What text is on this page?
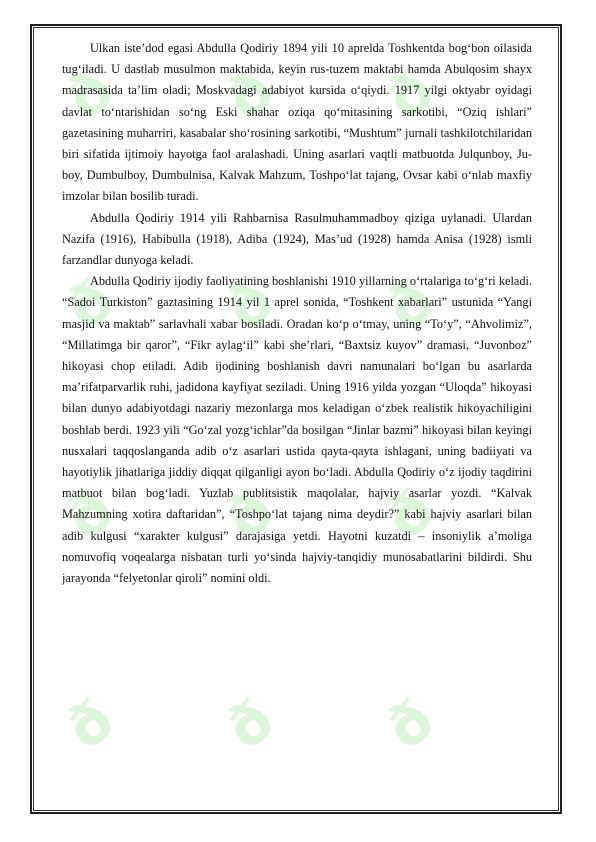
ð ð ð
ð ð ð
ð ð ð
ð ð ð

Ulkan iste’dod egasi Abdulla Qodiriy 1894 yili 10 aprelda Toshkentda bog‘bon oilasida tug‘iladi. U dastlab musulmon maktabida, keyin rus-tuzem maktabi hamda Abulqosim shayx madrasasida ta’lim oladi; Moskvadagi adabiyot kursida o‘qiydi. 1917 yilgi oktyabr oyidagi davlat to‘ntarishidan so‘ng Eski shahar oziqa qo‘mitasining sarkotibi, “Oziq ishlari” gazetasining muharriri, kasabalar sho‘rosining sarkotibi, “Mushtum” jurnali tashkilotchilaridan biri sifatida ijtimoiy hayotga faol aralashadi. Uning asarlari vaqtli matbuotda Julqunboy, Ju-boy, Dumbulboy, Dumbulnisa, Kalvak Mahzum, Toshpo‘lat tajang, Ovsar kabi o‘nlab maxfiy imzolar bilan bosilib turadi.

Abdulla Qodiriy 1914 yili Rahbarnisa Rasulmuhammadboy qiziga uylanadi. Ulardan Nazifa (1916), Habibulla (1918), Adiba (1924), Mas’ud (1928) hamda Anisa (1928) ismli farzandlar dunyoga keladi.

Abdulla Qodiriy ijodiy faoliyatining boshlanishi 1910 yillarning o‘rtalariga to‘g‘ri keladi. “Sadoi Turkiston” gaztasining 1914 yil 1 aprel sonida, “Toshkent xabarlari” ustunida “Yangi masjid va maktab” sarlavhali xabar bosiladi. Oradan ko‘p o‘tmay, uning “To‘y”, “Ahvolimiz”, “Millatimga bir qaror”, “Fikr aylag‘il” kabi she’rlari, “Baxtsiz kuyov” dramasi, “Juvonboz” hikoyasi chop etiladi. Adib ijodining boshlanish davri namunalari bo‘lgan bu asarlarda ma’rifatparvarlik ruhi, jadidona kayfiyat seziladi. Uning 1916 yilda yozgan “Uloqda” hikoyasi bilan dunyo adabiyotdagi nazariy mezonlarga mos keladigan o‘zbek realistik hikoyachiligini boshlab berdi. 1923 yili “Go‘zal yozg‘ichlar”da bosilgan “Jinlar bazmi” hikoyasi bilan keyingi nusxalari taqqoslanganda adib o‘z asarlari ustida qayta-qayta ishlagani, uning badiiyati va hayotiylik jihatlariga jiddiy diqqat qilganligi ayon bo‘ladi. Abdulla Qodiriy o‘z ijodiy taqdirini matbuot bilan bog‘ladi. Yuzlab publitsistik maqolalar, hajviy asarlar yozdi. “Kalvak Mahzumning xotira daftaridan”, “Toshpo‘lat tajang nima deydir?” kabi hajviy asarlari bilan adib kulgusi “xarakter kulgusi” darajasiga yetdi. Hayotni kuzatdi – insoniylik a’moliga nomuvofiq voqealarga nisbatan turli yo‘sinda hajviy-tanqidiy munosabatlarini bildirdi. Shu jarayonda “felyetonlar qiroli” nomini oldi.
